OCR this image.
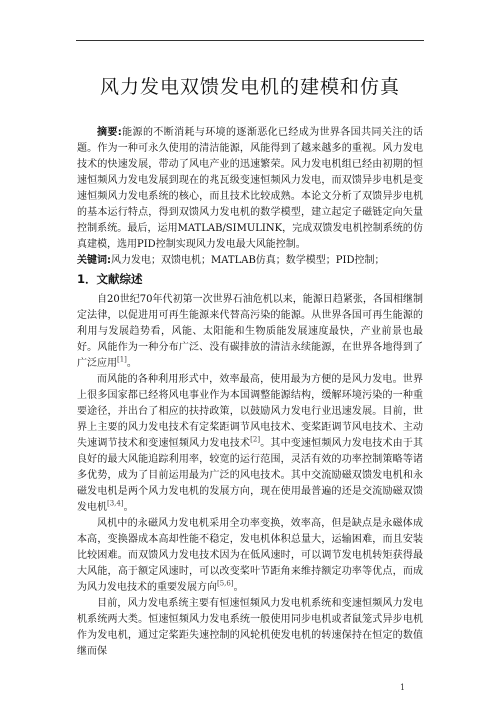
风力发电双馈发电机的建模和仿真

摘要:能源的不断消耗与环境的逐渐恶化已经成为世界各国共同关注的话题。作为一种可永久使用的清洁能源，风能得到了越来越多的重视。风力发电技术的快速发展，带动了风电产业的迅速繁荣。风力发电机组已经由初期的恒速恒频风力发电发展到现在的兆瓦级变速恒频风力发电，而双馈异步电机是变速恒频风力发电系统的核心，而且技术比较成熟。本论文分析了双馈异步电机的基本运行特点，得到双馈风力发电机的数学模型，建立起定子磁链定向矢量控制系统。最后，运用MATLAB/SIMULINK，完成双馈发电机控制系统的仿真建模，选用PID控制实现风力发电最大风能控制。

关键词:风力发电；双馈电机；MATLAB仿真；数学模型；PID控制；

1．文献综述

自20世纪70年代初第一次世界石油危机以来，能源日趋紧张，各国相继制定法律，以促进用可再生能源来代替高污染的能源。从世界各国可再生能源的利用与发展趋势看，风能、太阳能和生物质能发展速度最快，产业前景也最好。风能作为一种分布广泛、没有碳排放的清洁永续能源，在世界各地得到了广泛应用[1]。

而风能的各种利用形式中，效率最高，使用最为方便的是风力发电。世界上很多国家都已经将风电事业作为本国调整能源结构，缓解环境污染的一种重要途径，并出台了相应的扶持政策，以鼓励风力发电行业迅速发展。目前，世界上主要的风力发电技术有定桨距调节风电技术、变桨距调节风电技术、主动失速调节技术和变速恒频风力发电技术[2]。其中变速恒频风力发电技术由于其良好的最大风能追踪利用率，较宽的运行范围，灵活有效的功率控制策略等诸多优势，成为了目前运用最为广泛的风电技术。其中交流励磁双馈发电机和永磁发电机是两个风力发电机的发展方向，现在使用最普遍的还是交流励磁双馈发电机[3,4]。

风机中的永磁风力发电机采用全功率变换，效率高，但是缺点是永磁体成本高，变换器成本高却性能不稳定，发电机体积总量大，运输困难，而且安装比较困难。而双馈风力发电技术因为在低风速时，可以调节发电机转矩获得最大风能，高于额定风速时，可以改变桨叶节距角来维持额定功率等优点，而成为风力发电技术的重要发展方向[5,6]。

目前，风力发电系统主要有恒速恒频风力发电机系统和变速恒频风力发电机系统两大类。恒速恒频风力发电系统一般使用同步电机或者鼠笼式异步电机作为发电机，通过定桨距失速控制的风轮机使发电机的转速保持在恒定的数值继而保

1
